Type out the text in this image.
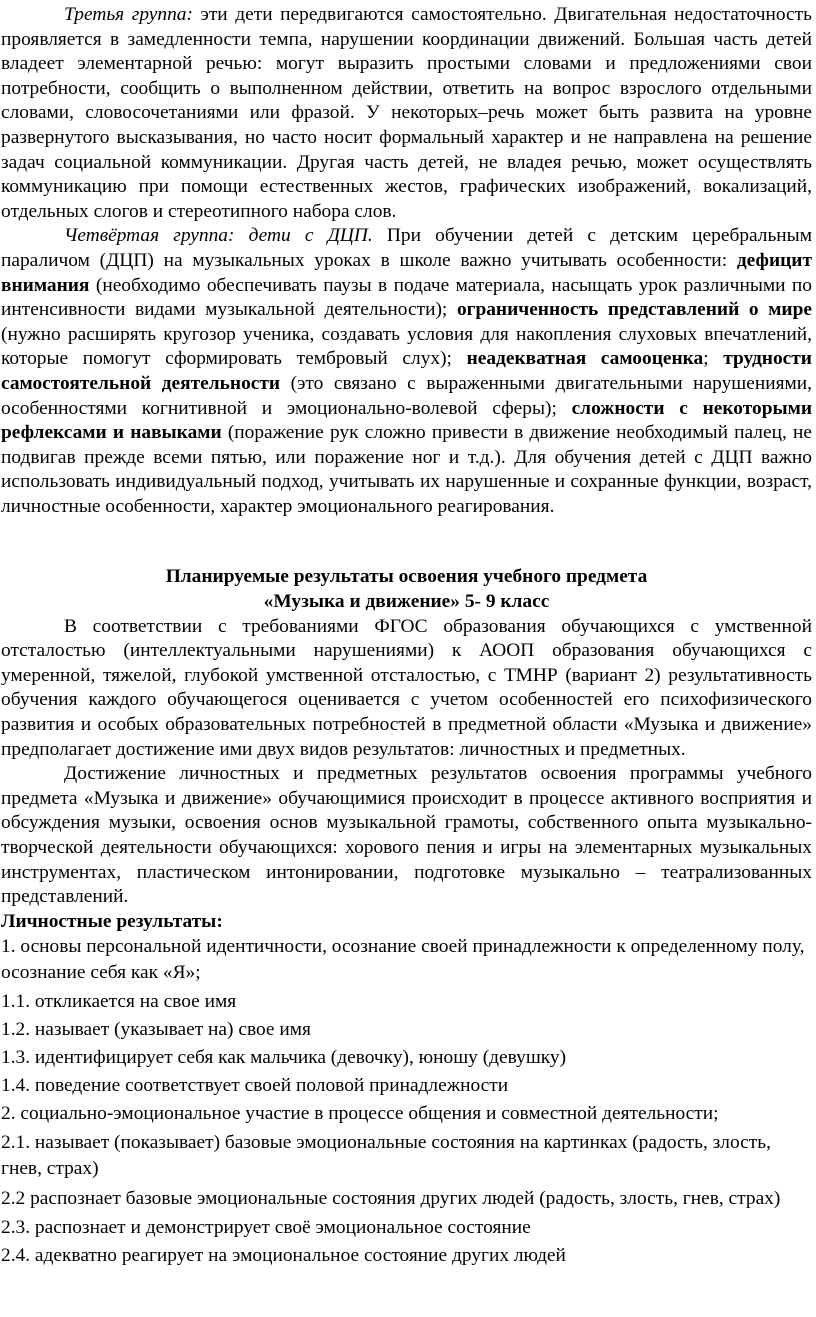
Третья группа: эти дети передвигаются самостоятельно. Двигательная недостаточность проявляется в замедленности темпа, нарушении координации движений. Большая часть детей владеет элементарной речью: могут выразить простыми словами и предложениями свои потребности, сообщить о выполненном действии, ответить на вопрос взрослого отдельными словами, словосочетаниями или фразой. У некоторых–речь может быть развита на уровне развернутого высказывания, но часто носит формальный характер и не направлена на решение задач социальной коммуникации. Другая часть детей, не владея речью, может осуществлять коммуникацию при помощи естественных жестов, графических изображений, вокализаций, отдельных слогов и стереотипного набора слов.

Четвёртая группа: дети с ДЦП. При обучении детей с детским церебральным параличом (ДЦП) на музыкальных уроках в школе важно учитывать особенности: дефицит внимания (необходимо обеспечивать паузы в подаче материала, насыщать урок различными по интенсивности видами музыкальной деятельности); ограниченность представлений о мире (нужно расширять кругозор ученика, создавать условия для накопления слуховых впечатлений, которые помогут сформировать тембровый слух); неадекватная самооценка; трудности самостоятельной деятельности (это связано с выраженными двигательными нарушениями, особенностями когнитивной и эмоционально-волевой сферы); сложности с некоторыми рефлексами и навыками (поражение рук сложно привести в движение необходимый палец, не подвигав прежде всеми пятью, или поражение ног и т.д.). Для обучения детей с ДЦП важно использовать индивидуальный подход, учитывать их нарушенные и сохранные функции, возраст, личностные особенности, характер эмоционального реагирования.

Планируемые результаты освоения учебного предмета

«Музыка и движение» 5- 9 класс

В соответствии с требованиями ФГОС образования обучающихся с умственной отсталостью (интеллектуальными нарушениями) к АООП образования обучающихся с умеренной, тяжелой, глубокой умственной отсталостью, с ТМНР (вариант 2) результативность обучения каждого обучающегося оценивается с учетом особенностей его психофизического развития и особых образовательных потребностей в предметной области «Музыка и движение» предполагает достижение ими двух видов результатов: личностных и предметных.

Достижение личностных и предметных результатов освоения программы учебного предмета «Музыка и движение» обучающимися происходит в процессе активного восприятия и обсуждения музыки, освоения основ музыкальной грамоты, собственного опыта музыкально-творческой деятельности обучающихся: хорового пения и игры на элементарных музыкальных инструментах, пластическом интонировании, подготовке музыкально – театрализованных представлений.

Личностные результаты:

1. основы персональной идентичности, осознание своей принадлежности к определенному полу, осознание себя как «Я»;

1.1. откликается на свое имя

1.2. называет (указывает на) свое имя

1.3. идентифицирует себя как мальчика (девочку), юношу (девушку)

1.4. поведение соответствует своей половой принадлежности

2. социально-эмоциональное участие в процессе общения и совместной деятельности;

2.1. называет (показывает) базовые эмоциональные состояния на картинках (радость, злость, гнев, страх)

2.2 распознает базовые эмоциональные состояния других людей (радость, злость, гнев, страх)

2.3. распознает и демонстрирует своё эмоциональное состояние

2.4. адекватно реагирует на эмоциональное состояние других людей
